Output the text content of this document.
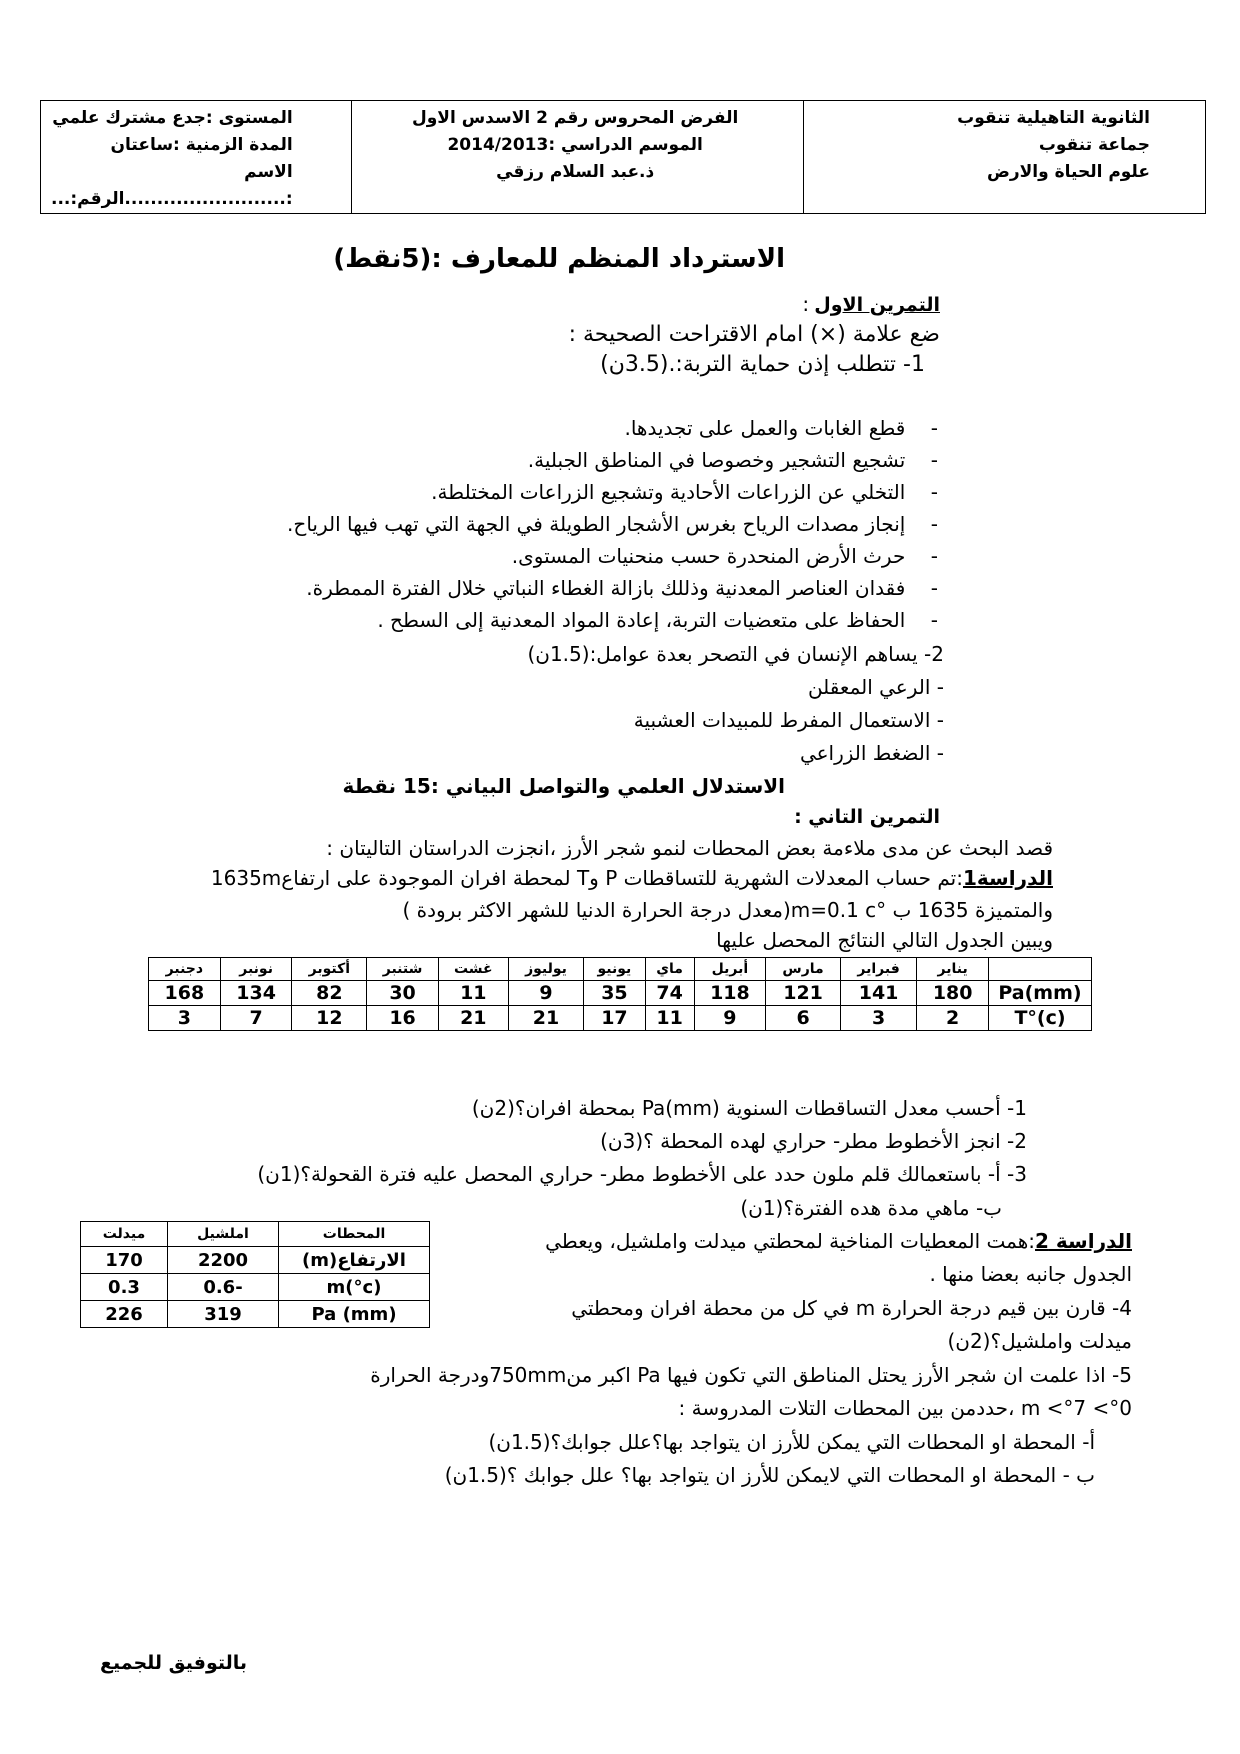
الثانوية التاهيلية تنقوب
جماعة تنقوب
علوم الحياة والارض
الفرض المحروس رقم 2 الاسدس الاول
الموسم الدراسي :2014/2013
ذ.عبد السلام رزقي
المستوى :جدع مشترك علمي
المدة الزمنية :ساعتان
الاسم :.........................الرقم:...
الاسترداد المنظم للمعارف :(5نقط)
التمرين الاول :
ضع علامة (×) امام الاقتراحت الصحيحة :
1- تتطلب إذن حماية التربة:.(3.5ن)
-    قطع الغابات والعمل على تجديدها.
-    تشجيع التشجير وخصوصا في المناطق الجبلية.
-    التخلي عن الزراعات الأحادية وتشجيع الزراعات المختلطة.
-    إنجاز مصدات الرياح بغرس الأشجار الطويلة في الجهة التي تهب فيها الرياح.
-    حرث الأرض المنحدرة حسب منحنيات المستوى.
-    فقدان العناصر المعدنية وذللك بازالة الغطاء النباتي خلال الفترة الممطرة.
-    الحفاظ على متعضيات التربة، إعادة المواد المعدنية إلى السطح .
2- يساهم الإنسان في التصحر بعدة عوامل:(1.5ن)
- الرعي المعقلن
- الاستعمال المفرط للمبيدات العشبية
- الضغط الزراعي
الاستدلال العلمي والتواصل البياني :15 نقطة
التمرين التاني :
قصد البحث عن مدى ملاءمة بعض المحطات لنمو شجر الأرز ،انجزت الدراستان التاليتان :
الدراسة1:تم حساب المعدلات الشهرية للتساقطات P وT لمحطة افران الموجودة على ارتفاع1635m
والمتميزة 1635 ب °m=0.1 c(معدل درجة الحرارة الدنيا للشهر الاكثر برودة )
ويبين الجدول التالي النتائج المحصل عليها
	يناير	فبراير	مارس	أبريل	ماي	يونيو	يوليوز	غشت	شتنبر	أكتوبر	نونبر	دجنبر
Pa(mm)	180	141	121	118	74	35	9	11	30	82	134	168
T°(c)	2	3	6	9	11	17	21	21	16	12	7	3
1- أحسب معدل التساقطات السنوية Pa(mm) بمحطة افران؟(2ن)
2- انجز الأخطوط مطر- حراري لهده المحطة ؟(3ن)
3- أ- باستعمالك قلم ملون حدد على الأخطوط مطر- حراري المحصل عليه فترة القحولة؟(1ن)
ب- ماهي مدة هده الفترة؟(1ن)
الدراسة 2:همت المعطيات المناخية لمحطتي ميدلت واملشيل، ويعطي
الجدول جانبه بعضا منها .
4- قارن بين قيم درجة الحرارة m في كل من محطة افران ومحطتي
ميدلت واملشيل؟(2ن)
المحطات	املشيل	ميدلت
الارتفاع(m)	2200	170
m(°c)	-0.6	0.3
(mm) Pa	319	226
5- اذا علمت ان شجر الأرز يحتل المناطق التي تكون فيها Pa اكبر من750mmودرجة الحرارة
m <°7 <°0 ،حددمن بين المحطات التلات المدروسة :
أ- المحطة او المحطات التي يمكن للأرز ان يتواجد بها؟علل جوابك؟(1.5ن)
ب - المحطة او المحطات التي لايمكن للأرز ان يتواجد بها؟ علل جوابك ؟(1.5ن)
بالتوفيق للجميع
